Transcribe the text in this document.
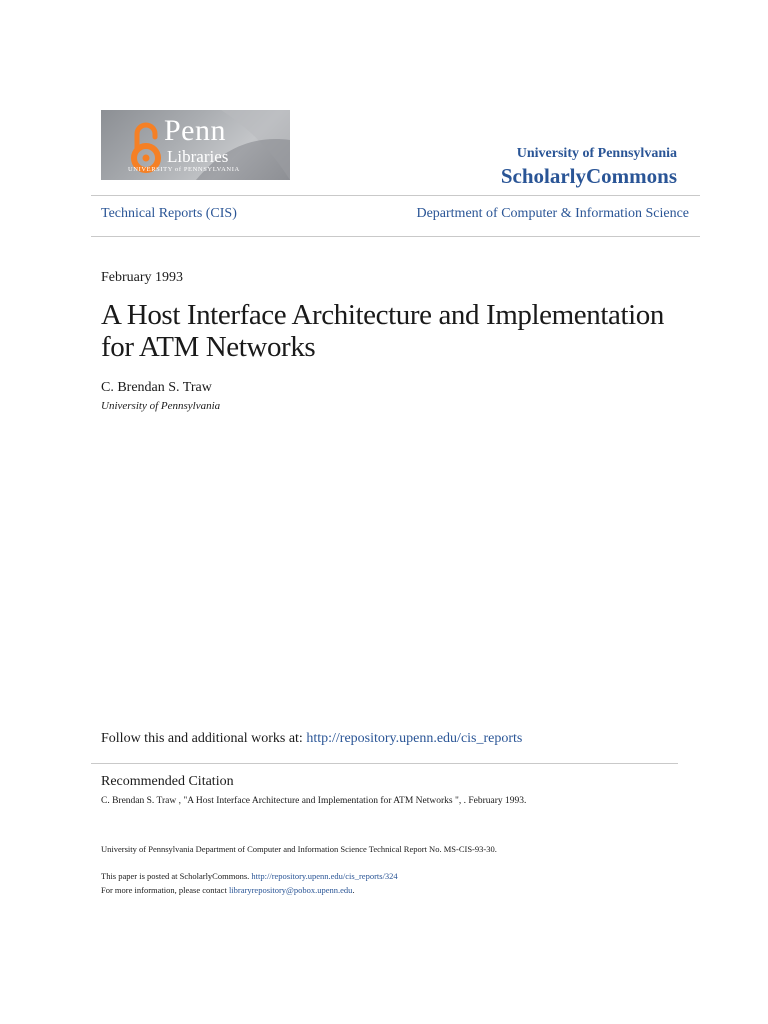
Penn
Libraries
UNIVERSITY of PENNSYLVANIA
University of Pennsylvania
ScholarlyCommons
Technical Reports (CIS)	Department of Computer & Information Science
February 1993
A Host Interface Architecture and Implementation for ATM Networks
C. Brendan S. Traw
University of Pennsylvania
Follow this and additional works at: http://repository.upenn.edu/cis_reports
Recommended Citation
C. Brendan S. Traw , "A Host Interface Architecture and Implementation for ATM Networks ", . February 1993.
University of Pennsylvania Department of Computer and Information Science Technical Report No. MS-CIS-93-30.
This paper is posted at ScholarlyCommons. http://repository.upenn.edu/cis_reports/324
For more information, please contact libraryrepository@pobox.upenn.edu.
